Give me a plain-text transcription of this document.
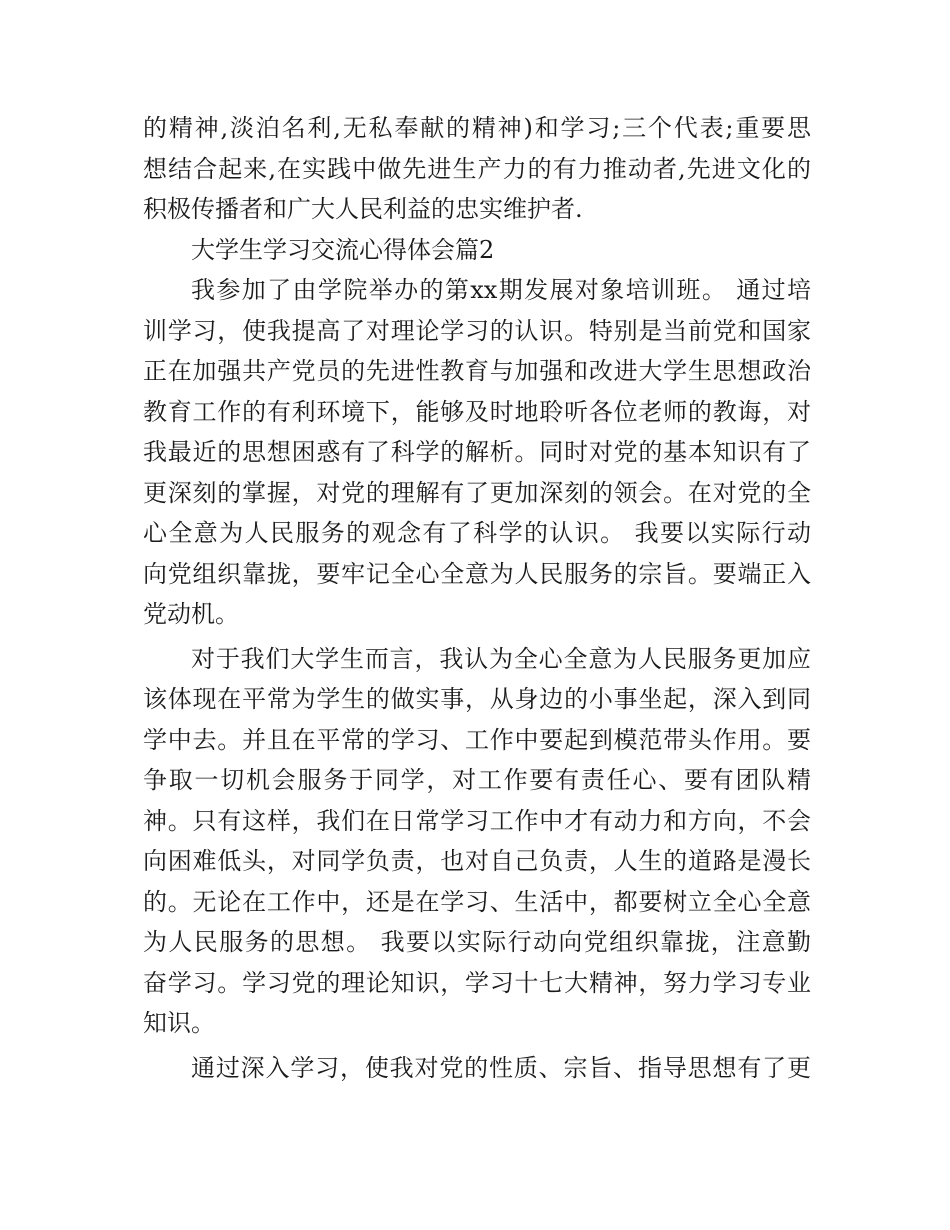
的精神,淡泊名利,无私奉献的精神)和学习;三个代表;重要思
想结合起来,在实践中做先进生产力的有力推动者,先进文化的
积极传播者和广大人民利益的忠实维护者.
大学生学习交流心得体会篇2
我参加了由学院举办的第xx期发展对象培训班。 通过培
训学习，使我提高了对理论学习的认识。特别是当前党和国家
正在加强共产党员的先进性教育与加强和改进大学生思想政治
教育工作的有利环境下，能够及时地聆听各位老师的教诲，对
我最近的思想困惑有了科学的解析。同时对党的基本知识有了
更深刻的掌握，对党的理解有了更加深刻的领会。在对党的全
心全意为人民服务的观念有了科学的认识。 我要以实际行动
向党组织靠拢，要牢记全心全意为人民服务的宗旨。要端正入
党动机。
对于我们大学生而言，我认为全心全意为人民服务更加应
该体现在平常为学生的做实事，从身边的小事坐起，深入到同
学中去。并且在平常的学习、工作中要起到模范带头作用。要
争取一切机会服务于同学，对工作要有责任心、要有团队精
神。只有这样，我们在日常学习工作中才有动力和方向，不会
向困难低头，对同学负责，也对自己负责，人生的道路是漫长
的。无论在工作中，还是在学习、生活中，都要树立全心全意
为人民服务的思想。 我要以实际行动向党组织靠拢，注意勤
奋学习。学习党的理论知识，学习十七大精神，努力学习专业
知识。
通过深入学习，使我对党的性质、宗旨、指导思想有了更
